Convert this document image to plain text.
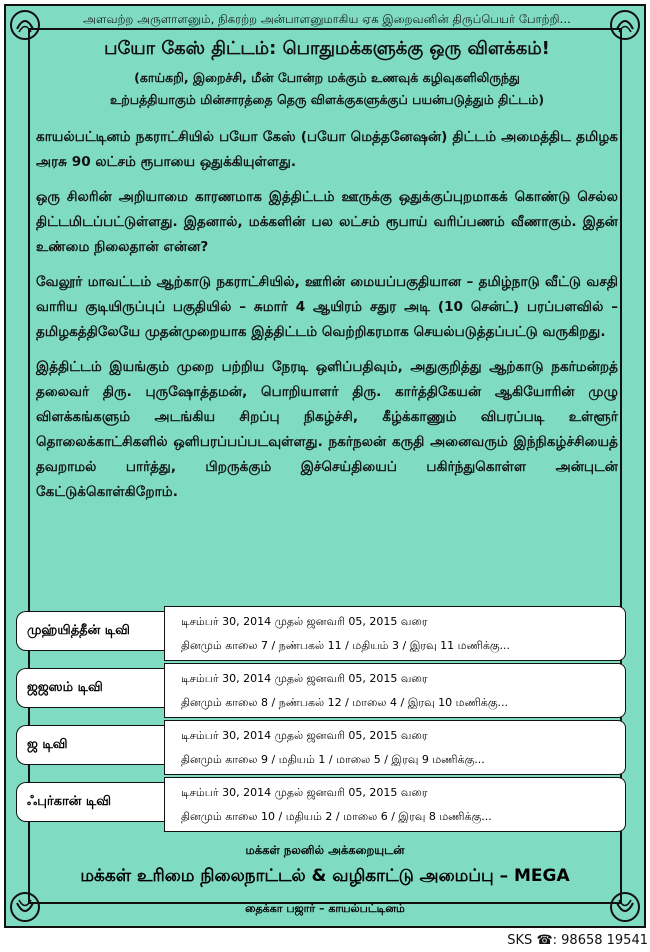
அளவற்ற அருளாளனும், நிகரற்ற அன்பாளனுமாகிய ஏக இறைவனின் திருப்பெயர் போற்றி...
பயோ கேஸ் திட்டம்: பொதுமக்களுக்கு ஒரு விளக்கம்!
(காய்கறி, இறைச்சி, மீன் போன்ற மக்கும் உணவுக் கழிவுகளிலிருந்து
உற்பத்தியாகும் மின்சாரத்தை தெரு விளக்குகளுக்குப் பயன்படுத்தும் திட்டம்)
காயல்பட்டினம் நகராட்சியில் பயோ கேஸ் (பயோ மெத்தனேஷன்) திட்டம் அமைத்திட தமிழக அரசு 90 லட்சம் ரூபாயை ஒதுக்கியுள்ளது.
ஒரு சிலரின் அறியாமை காரணமாக இத்திட்டம் ஊருக்கு ஒதுக்குப்புறமாகக் கொண்டு செல்ல திட்டமிடப்பட்டுள்ளது. இதனால், மக்களின் பல லட்சம் ரூபாய் வரிப்பணம் வீணாகும். இதன் உண்மை நிலைதான் என்ன?
வேலூர் மாவட்டம் ஆற்காடு நகராட்சியில், ஊரின் மையப்பகுதியான – தமிழ்நாடு வீட்டு வசதி வாரிய குடியிருப்புப் பகுதியில் – சுமார் 4 ஆயிரம் சதுர அடி (10 சென்ட்) பரப்பளவில் – தமிழகத்திலேயே முதன்முறையாக இத்திட்டம் வெற்றிகரமாக செயல்படுத்தப்பட்டு வருகிறது.
இத்திட்டம் இயங்கும் முறை பற்றிய நேரடி ஒளிப்பதிவும், அதுகுறித்து ஆற்காடு நகர்மன்றத் தலைவர் திரு. புருஷோத்தமன், பொறியாளர் திரு. கார்த்திகேயன் ஆகியோரின் முழு விளக்கங்களும் அடங்கிய சிறப்பு நிகழ்ச்சி, கீழ்க்காணும் விபரப்படி உள்ளூர் தொலைக்காட்சிகளில் ஒளிபரப்பப்படவுள்ளது. நகர்நலன் கருதி அனைவரும் இந்நிகழ்ச்சியைத் தவறாமல் பார்த்து, பிறருக்கும் இச்செய்தியைப் பகிர்ந்துகொள்ள அன்புடன் கேட்டுக்கொள்கிறோம்.
முஹ்யித்தீன் டிவி
டிசம்பர் 30, 2014 முதல் ஜனவரி 05, 2015 வரை
தினமும் காலை 7 / நண்பகல் 11 / மதியம் 3 / இரவு 11 மணிக்கு...
ஜஜஸம் டிவி
டிசம்பர் 30, 2014 முதல் ஜனவரி 05, 2015 வரை
தினமும் காலை 8 / நண்பகல் 12 / மாலை 4 / இரவு 10 மணிக்கு...
ஜ டிவி
டிசம்பர் 30, 2014 முதல் ஜனவரி 05, 2015 வரை
தினமும் காலை 9 / மதியம் 1 / மாலை 5 / இரவு 9 மணிக்கு...
ஃபுர்கான் டிவி
டிசம்பர் 30, 2014 முதல் ஜனவரி 05, 2015 வரை
தினமும் காலை 10 / மதியம் 2 / மாலை 6 / இரவு 8 மணிக்கு...
மக்கள் நலனில் அக்கறையுடன்
மக்கள் உரிமை நிலைநாட்டல் & வழிகாட்டு அமைப்பு – MEGA
தைக்கா பஜார் – காயல்பட்டினம்
SKS ☎: 98658 19541
